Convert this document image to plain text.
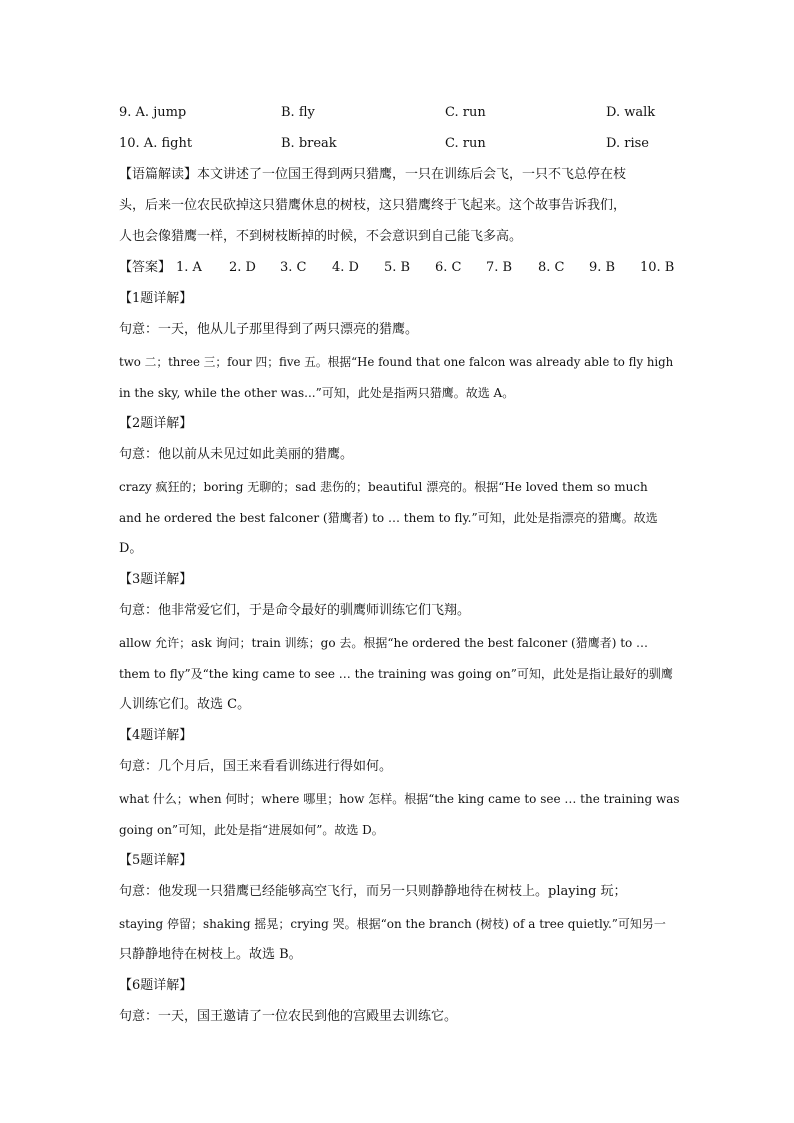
9. A. jump	B. fly	C. run	D. walk
10. A. fight	B. break	C. run	D. rise
【语篇解读】本文讲述了一位国王得到两只猎鹰，一只在训练后会飞，一只不飞总停在枝
头，后来一位农民砍掉这只猎鹰休息的树枝，这只猎鹰终于飞起来。这个故事告诉我们，
人也会像猎鹰一样，不到树枝断掉的时候，不会意识到自己能飞多高。
【答案】 1. A 2. D 3. C 4. D 5. B 6. C 7. B 8. C 9. B 10. B
【1题详解】
句意：一天，他从儿子那里得到了两只漂亮的猎鹰。
two 二；three 三；four 四；five 五。根据“He found that one falcon was already able to fly high
in the sky, while the other was...”可知，此处是指两只猎鹰。故选 A。
【2题详解】
句意：他以前从未见过如此美丽的猎鹰。
crazy 疯狂的；boring 无聊的；sad 悲伤的；beautiful 漂亮的。根据“He loved them so much
and he ordered the best falconer (猎鹰者) to … them to fly.”可知，此处是指漂亮的猎鹰。故选
D。
【3题详解】
句意：他非常爱它们，于是命令最好的驯鹰师训练它们飞翔。
allow 允许；ask 询问；train 训练；go 去。根据“he ordered the best falconer (猎鹰者) to …
them to fly”及“the king came to see … the training was going on”可知，此处是指让最好的驯鹰
人训练它们。故选 C。
【4题详解】
句意：几个月后，国王来看看训练进行得如何。
what 什么；when 何时；where 哪里；how 怎样。根据“the king came to see … the training was
going on”可知，此处是指“进展如何”。故选 D。
【5题详解】
句意：他发现一只猎鹰已经能够高空飞行，而另一只则静静地待在树枝上。playing 玩；
staying 停留；shaking 摇晃；crying 哭。根据“on the branch (树枝) of a tree quietly.”可知另一
只静静地待在树枝上。故选 B。
【6题详解】
句意：一天，国王邀请了一位农民到他的宫殿里去训练它。
